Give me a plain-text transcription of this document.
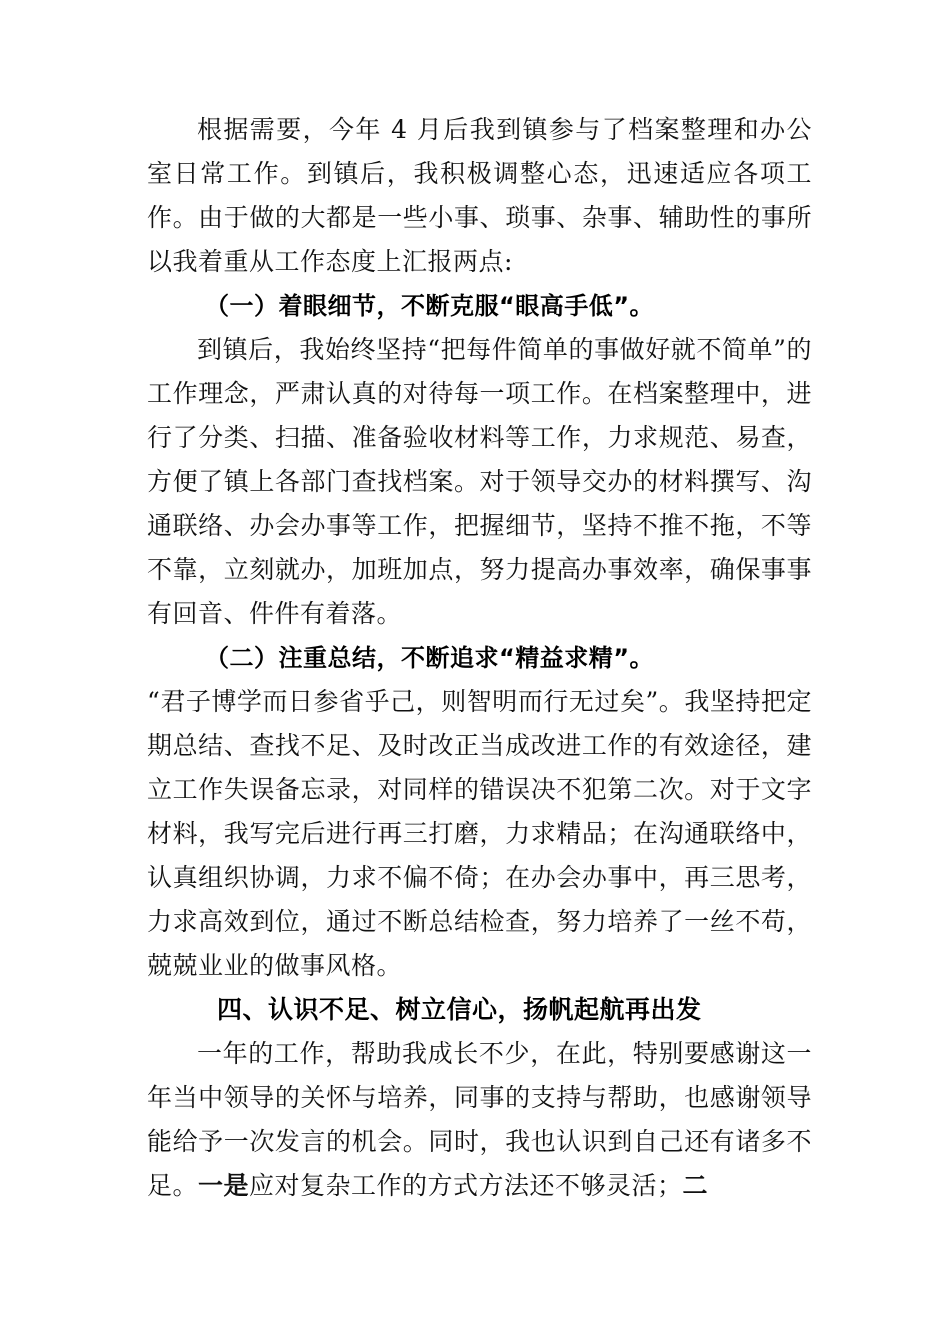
根据需要，今年 4 月后我到镇参与了档案整理和办公室日常工作。到镇后，我积极调整心态，迅速适应各项工作。由于做的大都是一些小事、琐事、杂事、辅助性的事所以我着重从工作态度上汇报两点:

（一）着眼细节，不断克服“眼高手低”。

到镇后，我始终坚持“把每件简单的事做好就不简单”的工作理念，严肃认真的对待每一项工作。在档案整理中，进行了分类、扫描、准备验收材料等工作，力求规范、易查，方便了镇上各部门查找档案。对于领导交办的材料撰写、沟通联络、办会办事等工作，把握细节，坚持不推不拖，不等不靠，立刻就办，加班加点，努力提高办事效率，确保事事有回音、件件有着落。

（二）注重总结，不断追求“精益求精”。

“君子博学而日参省乎己，则智明而行无过矣”。我坚持把定期总结、查找不足、及时改正当成改进工作的有效途径，建立工作失误备忘录，对同样的错误决不犯第二次。对于文字材料，我写完后进行再三打磨，力求精品；在沟通联络中，认真组织协调，力求不偏不倚；在办会办事中，再三思考，力求高效到位，通过不断总结检查，努力培养了一丝不苟，兢兢业业的做事风格。

四、认识不足、树立信心，扬帆起航再出发

一年的工作，帮助我成长不少，在此，特别要感谢这一年当中领导的关怀与培养，同事的支持与帮助，也感谢领导能给予一次发言的机会。同时，我也认识到自己还有诸多不足。一是应对复杂工作的方式方法还不够灵活；二
